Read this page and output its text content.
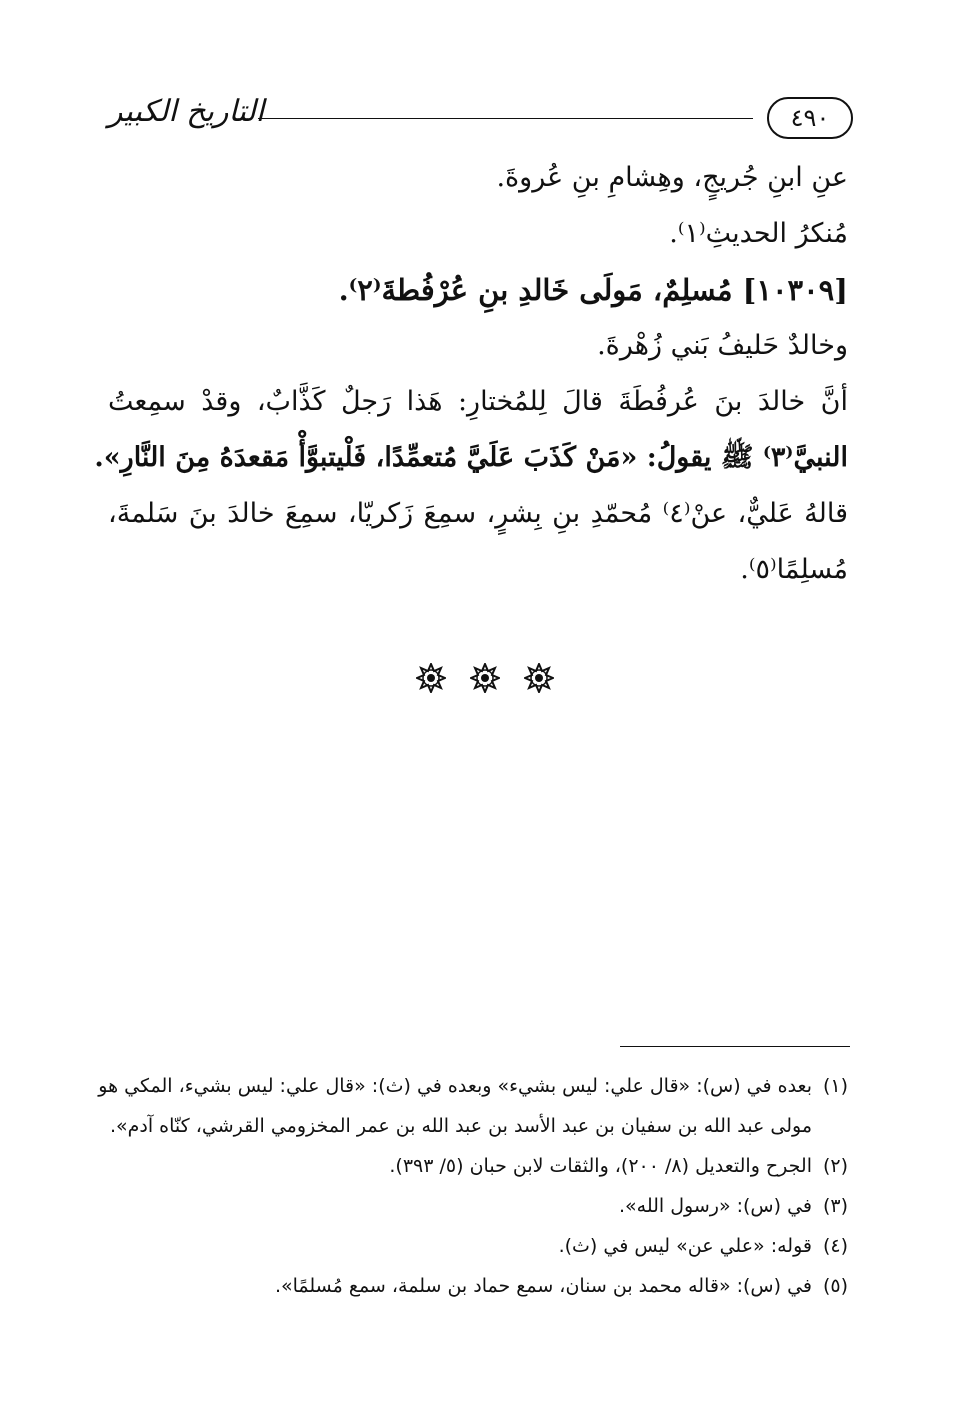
التاريخ الكبير	٤٩٠
عنِ ابنِ جُريجٍ، وهِشامِ بنِ عُروةَ.
مُنكرُ الحديثِ⁽١⁾.
[١٠٣٠٩] مُسلِمٌ، مَولَى خَالدِ بنِ عُرْفُطةَ⁽٢⁾.
وخالدٌ حَليفُ بَني زُهْرةَ.
أنَّ خالدَ بنَ عُرفُطَةَ قالَ لِلمُختارِ: هَذا رَجلٌ كَذَّابٌ، وقدْ سمِعتُ
النبيَّ⁽٣⁾ ﷺ يقولُ: «مَنْ كَذَبَ عَلَيَّ مُتعمِّدًا، فَلْيتبوَّأْ مَقعدَهُ مِنَ النَّارِ».
قالهُ عَليٌّ، عنْ⁽٤⁾ مُحمّدِ بنِ بِشرٍ، سمِعَ زَكريّا، سمِعَ خالدَ بنَ سَلمةَ،
مُسلِمًا⁽٥⁾.

(١)
بعده في (س): «قال علي: ليس بشيء» وبعده في (ث): «قال علي: ليس بشيء، المكي هو
مولى عبد الله بن سفيان بن عبد الأسد بن عبد الله بن عمر المخزومي القرشي، كنّاه آدم».
(٢)
الجرح والتعديل (٨/ ٢٠٠)، والثقات لابن حبان (٥/ ٣٩٣).
(٣)
في (س): «رسول الله».
(٤)
قوله: «علي عن» ليس في (ث).
(٥)
في (س): «قاله محمد بن سنان، سمع حماد بن سلمة، سمع مُسلمًا».
